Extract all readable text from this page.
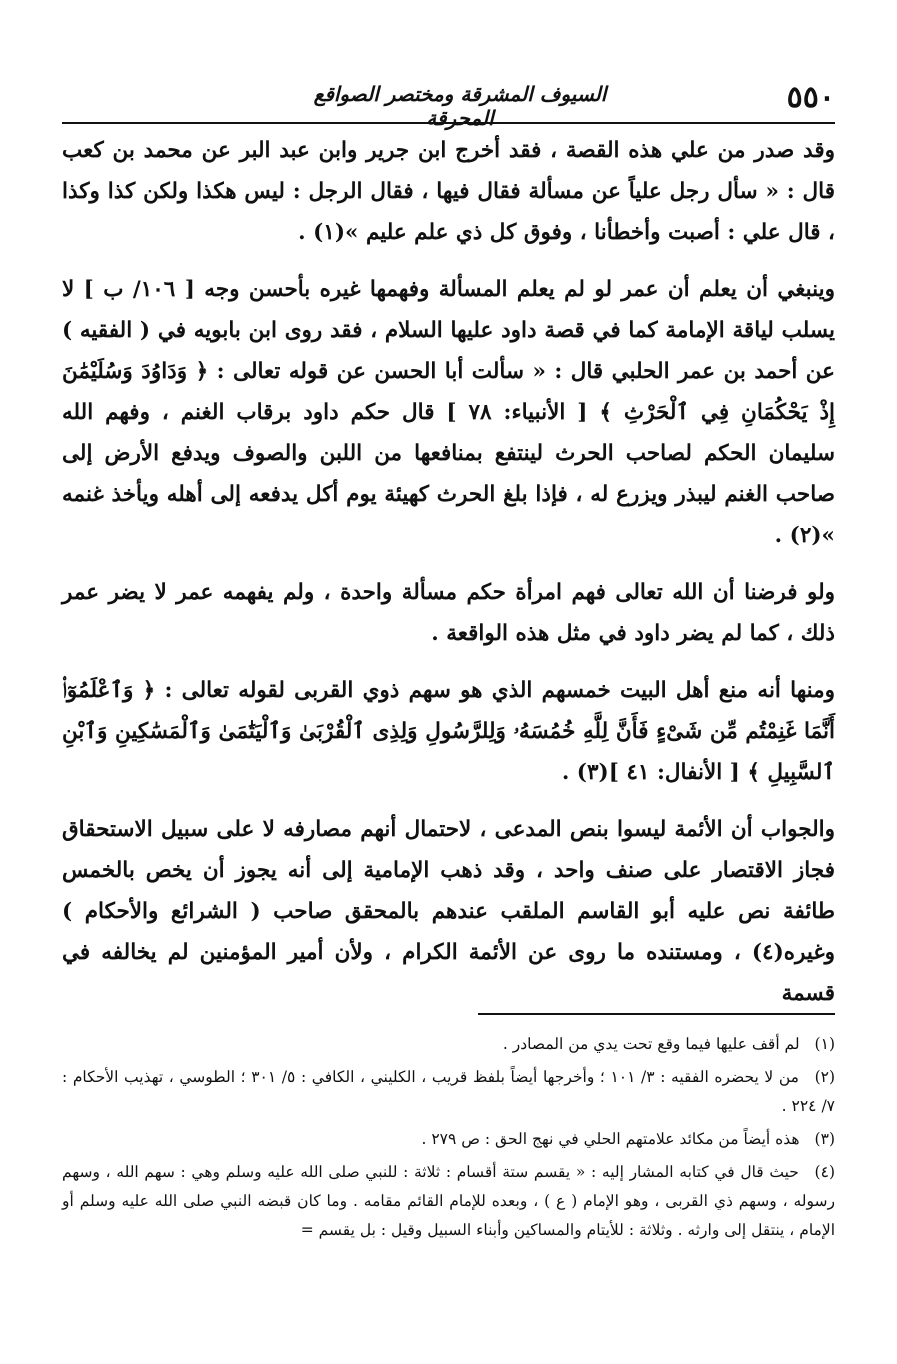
٥٥٠
السيوف المشرقة ومختصر الصواقع المحرقة

وقد صدر من علي هذه القصة ، فقد أخرج ابن جرير وابن عبد البر عن محمد بن كعب قال : « سأل رجل علياً عن مسألة فقال فيها ، فقال الرجل : ليس هكذا ولكن كذا وكذا ، قال علي : أصبت وأخطأنا ، وفوق كل ذي علم عليم »(١) .

وينبغي أن يعلم أن عمر لو لم يعلم المسألة وفهمها غيره بأحسن وجه [ ١٠٦/ ب ] لا يسلب لياقة الإمامة كما في قصة داود عليها السلام ، فقد روى ابن بابويه في ( الفقيه ) عن أحمد بن عمر الحلبي قال : « سألت أبا الحسن عن قوله تعالى : ﴿ وَدَاوُدَ وَسُلَيْمَٰنَ إِذْ يَحْكُمَانِ فِي ٱلْحَرْثِ ﴾ [ الأنبياء: ٧٨ ] قال حكم داود برقاب الغنم ، وفهم الله سليمان الحكم لصاحب الحرث لينتفع بمنافعها من اللبن والصوف ويدفع الأرض إلى صاحب الغنم ليبذر ويزرع له ، فإذا بلغ الحرث كهيئة يوم أكل يدفعه إلى أهله ويأخذ غنمه »(٢) .

ولو فرضنا أن الله تعالى فهم امرأة حكم مسألة واحدة ، ولم يفهمه عمر لا يضر عمر ذلك ، كما لم يضر داود في مثل هذه الواقعة .

ومنها أنه منع أهل البيت خمسهم الذي هو سهم ذوي القربى لقوله تعالى : ﴿ وَٱعْلَمُوٓا۟ أَنَّمَا غَنِمْتُم مِّن شَىْءٍ فَأَنَّ لِلَّهِ خُمُسَهُۥ وَلِلرَّسُولِ وَلِذِى ٱلْقُرْبَىٰ وَٱلْيَتَٰمَىٰ وَٱلْمَسَٰكِينِ وَٱبْنِ ٱلسَّبِيلِ ﴾ [ الأنفال: ٤١ ](٣) .

والجواب أن الأئمة ليسوا بنص المدعى ، لاحتمال أنهم مصارفه لا على سبيل الاستحقاق فجاز الاقتصار على صنف واحد ، وقد ذهب الإمامية إلى أنه يجوز أن يخص بالخمس طائفة نص عليه أبو القاسم الملقب عندهم بالمحقق صاحب ( الشرائع والأحكام ) وغيره(٤) ، ومستنده ما روى عن الأئمة الكرام ، ولأن أمير المؤمنين لم يخالفه في قسمة

(١) لم أقف عليها فيما وقع تحت يدي من المصادر .

(٢) من لا يحضره الفقيه : ٣/ ١٠١ ؛ وأخرجها أيضاً بلفظ قريب ، الكليني ، الكافي : ٥/ ٣٠١ ؛ الطوسي ، تهذيب الأحكام : ٧/ ٢٢٤ .

(٣) هذه أيضاً من مكائد علامتهم الحلي في نهج الحق : ص ٢٧٩ .

(٤) حيث قال في كتابه المشار إليه : « يقسم ستة أقسام : ثلاثة : للنبي صلى الله عليه وسلم وهي : سهم الله ، وسهم رسوله ، وسهم ذي القربى ، وهو الإمام ( ع ) ، وبعده للإمام القائم مقامه . وما كان قبضه النبي صلى الله عليه وسلم أو الإمام ، ينتقل إلى وارثه . وثلاثة : للأيتام والمساكين وأبناء السبيل وقيل : بل يقسم =
